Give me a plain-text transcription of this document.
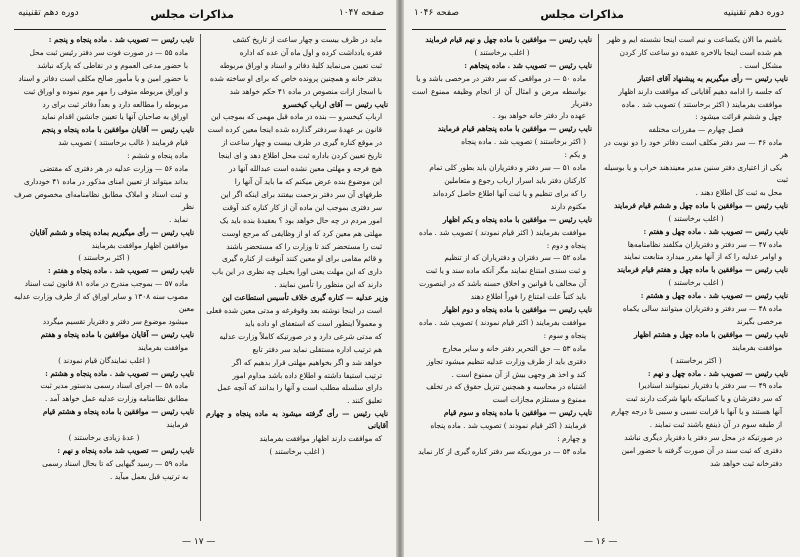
صفحه ۱۰۴۷
مذاکرات مجلس
دوره دهم تقنینیه

ماید در ظرف بیست و چهار ساعت از تاریخ کشف

فقره یادداشت کرده و اول ماه آن عده که اداره

ثبت تعیین می‌نماید کلیهٔ دفاتر و اسناد و اوراق مربوطه

بدفتر خانه و همچنین پرونده خاص که برای او ساخته شده

با اسجاز ازات منصوص در ماده ۴۱ حکم خواهد شد

نایب رئیس — آقای ارباب کیخسرو

ارباب کیخسرو — بنده در ماده قبل مهمی که بموجب این

قانون بر عهدهٔ سردفتر گذارده شده اینجا معین کرده است

در موقع کناره گیری در ظرف بیست و چهار ساعت از

تاریخ تعیین کردن باداره ثبت محل اطلاع دهد و ای اینجا

هیچ فرجه و مهلتی معین نشده است عبدالله آنها در

این موضوع بنده عرض میکنم که ما باید آن آنها را

طرفهای آن سر دفتر بزحمت بیفتند برای اینکه اگر این

سر دفتری بموجب این ماده آن از کار کناره کند آوقت

امور مردم در چه حال خواهد بود ؟ بعقیدهٔ بنده باید یک

مهلتی هم معین کرد که او از وظایفی که مرجع اوست

ثبت را مستحضر کند تا وزارت را که مستحضر باشند

و قائم مقامی برای او معین کنند آنوقت از کناره گیری

داری که این مهلت یعنی اورا بخیلی چه نظری در این باب

دارند که این منظور را تأمین نمایند .

وزیر عدلیه — کناره گیری خلاف تأسیس استطاعت این

است در اینجا نوشته بعد وقوفرغه و مدتی معین شده فعلی

و معمولاً اینطور است که استعفای او داده باید

که مدتی شرعی دارد و در صورتیکه کاملاً وزارت عدلیه

هم ترتیب اداره مستقلی نماید سر دفتر تابع

خواهد شد و اگر بخواهیم مهلتی قرار بدهیم که اگر

ترتیب استیفا داشته و اطلاع داده باشد مداوم امور

دارای سلسله مطلب است و آنها را بدانند که آنچه عمل

تعلیق کنند .

نایب رئیس — رأی گرفته میشود به ماده پنجاه و چهارم آقایانی

که موافقت دارند اظهار موافقت بفرمایند

( اغلب برخاستند )

نایب رئیس — تصویب شد . ماده پنجاه و پنجم :

ماده ۵۵ — در صورت فوت سر دفتر رئیس ثبت محل

با حضور مدعی العموم و در نقاطی که پارکه نباشد

با حضور امین و یا مأمور صالح مکلف است دفاتر و اسناد

و اوراق مربوطه متوفی را مهر موم نموده و اوراق ثبت

مربوطه را مطالعه دارد و بعداً دفاتر ثبت برای رد

اوراق به صاحبان آنها یا تعیین جانشین اقدام نماید

نایب رئیس — آقایان موافقین با ماده پنجاه و پنجم

قیام فرمایند ( غالب برخاستند ) تصویب شد

ماده پنجاه و ششم :

ماده ۵۶ — وزارت عدلیه در هر دفتری که مقتضی

بداند میتواند از تعیین امنای مذکور در ماده ۴۱ خودداری

و ثبت اسناد و املاک مطابق نظامنامه‌ای مخصوص صرف نظر

نماید .

نایب رئیس — رأی میگیریم بماده پنجاه و ششم آقایان

موافقین اظهار موافقت بفرمایند

( اکثر برخاستند )

نایب رئیس — تصویب شد . ماده پنجاه و هفتم :

ماده ۵۷ — بموجب مندرج در ماده ۸۱ قانون ثبت اسناد

مصوب سنه ۱۳۰۸ و سایر اوراق که از طرف وزارت عدلیه معین

میشود موضوع سر دفتر و دفتریار تقسیم میگردد

نایب رئیس — آقایان موافقین با ماده پنجاه و هفتم

موافقت بفرمایند

( اغلب نمایندگان قیام نمودند )

نایب رئیس — تصویب شد . ماده پنجاه و هشتم :

ماده ۵۸ — اجرای اسناد رسمی بدستور مدیر ثبت

مطابق نظامنامه وزارت عدلیه عمل خواهد آمد .

نایب رئیس — موافقین با ماده پنجاه و هشتم قیام

فرمایند

( عدهٔ زیادی برخاستند )

نایب رئیس — تصویب شد ماده پنجاه و نهم :

ماده ۵۹ — رسید گیهایی که تا بحال اسناد رسمی

به ترتیب قبل بعمل میآید .

— ۱۷ —
دوره دهم تقنینیه
مذاکرات مجلس
صفحه ۱۰۴۶

باشیم ما الان یکساعت و نیم است اینجا نشسته ایم و ظهر

هم شده است اینجا بالاخره عقیده دو ساعت کار کردن

مشکل است .

نایب رئیس — رأی میگیریم به پیشنهاد آقای اعتبار

که جلسه را ادامه دهیم آقایانی که موافقت دارند اظهار

موافقت بفرمایند ( اکثر برخاستند ) تصویب شد . ماده

چهل و ششم قرائت میشود :

فصل چهارم — مقررات مختلفه

ماده ۴۶ — سر دفتر مکلف است دفاتر خود را دو نوبت در هر

یکی از اعتیاری دفتر سنین مدیر معیندهند خراب و یا بوسیله ثبت

محل به ثبت کل اطلاع دهند .

نایب رئیس — موافقین با ماده چهل و ششم قیام فرمایند

( اغلب برخاستند )

نایب رئیس — تصویب شد . ماده چهل و هفتم :

ماده ۴۷ — سر دفتر و دفتریاران مکلفند نظامنامه‌ها

و اوامر عدلیه را که از آنها مقرر میدارد متابعت نمایند

نایب رئیس — موافقین با ماده چهل و هفتم قیام فرمایند

( اغلب برخاستند )

نایب رئیس — تصویب شد . ماده چهل و هشتم :

ماده ۴۸ — سر دفتر و دفتریاران میتوانند سالی یکماه

مرخصی بگیرند

نایب رئیس — موافقین با ماده چهل و هشتم اظهار

موافقت بفرمایند

( اکثر برخاستند )

نایب رئیس — تصویب شد . ماده چهل و نهم :

ماده ۴۹ — سر دفتر یا دفتریار نمیتوانند اسنادیرا

که سر دفترشان و یا کسانیکه بانها شرکت دارند ثبت

آنها هستند و یا آنها با قرابت نسبی و سببی تا درجه چهارم

از طبقه سوم در آن ذینفع باشند ثبت نمایند .

در صورتیکه در محل سر دفتر یا دفتریار دیگری نباشد

دفتری که ثبت سند در آن صورت گرفته با حضور امین

دفترخانه ثبت خواهد شد

نایب رئیس — موافقین با ماده چهل و نهم قیام فرمایند

( اغلب برخاستند )

نایب رئیس — تصویب شد . ماده پنجاهم :

ماده ۵۰ — در مواقعی که سر دفتر در مرخصی باشد و یا

بواسطه مرض و امثال آن از انجام وظیفه ممنوع است دفتریار

عهده دار دفتر خانه خواهد بود .

نایب رئیس — موافقین با ماده پنجاهم قیام فرمایند

( اکثر برخاستند ) تصویب شد . ماده پنجاه

و یکم :

ماده ۵۱ — سر دفتر و دفتریاران باید بطور کلی تمام

کارکنان دفتر باید اسرار ارباب رجوع و متعاملین

را که برای تنظیم و یا ثبت آنها اطلاع حاصل کرده‌اند

مکتوم دارند

نایب رئیس — موافقین با ماده پنجاه و یکم اظهار

موافقت بفرمایند ( اکثر قیام نمودند ) تصویب شد . ماده

پنجاه و دوم :

ماده ۵۲ — سر دفتران و دفتریاران که از تنظیم

و ثبت سندی امتناع نمایند مگر آنکه ماده سند و یا ثبت

آن مخالف با قوانین و اخلاق حسنه باشد که در اینصورت

باید کتباً علت امتناع را فوراً اطلاع دهند

نایب رئیس — موافقین با ماده پنجاه و دوم اظهار

موافقت بفرمایند ( اکثر قیام نمودند ) تصویب شد . ماده

پنجاه و سوم :

ماده ۵۳ — حق التحریر دفتر خانه و سایر مخارج

دفتری باید از طرف وزارت عدلیه تنظیم میشود تجاوز

کند و اخذ هر وجهی بیش از آن ممنوع است .

اشتباه در محاسبه و همچنین تنزیل حقوق که در تخلف

ممنوع و مستلزم مجازات است

نایب رئیس — موافقین با ماده پنجاه و سوم قیام

فرمایند ( اکثر قیام نمودند ) تصویب شد . ماده پنجاه

و چهارم :

ماده ۵۴ — در موردیکه سر دفتر کناره گیری از کار نماید

— ۱۶ —
